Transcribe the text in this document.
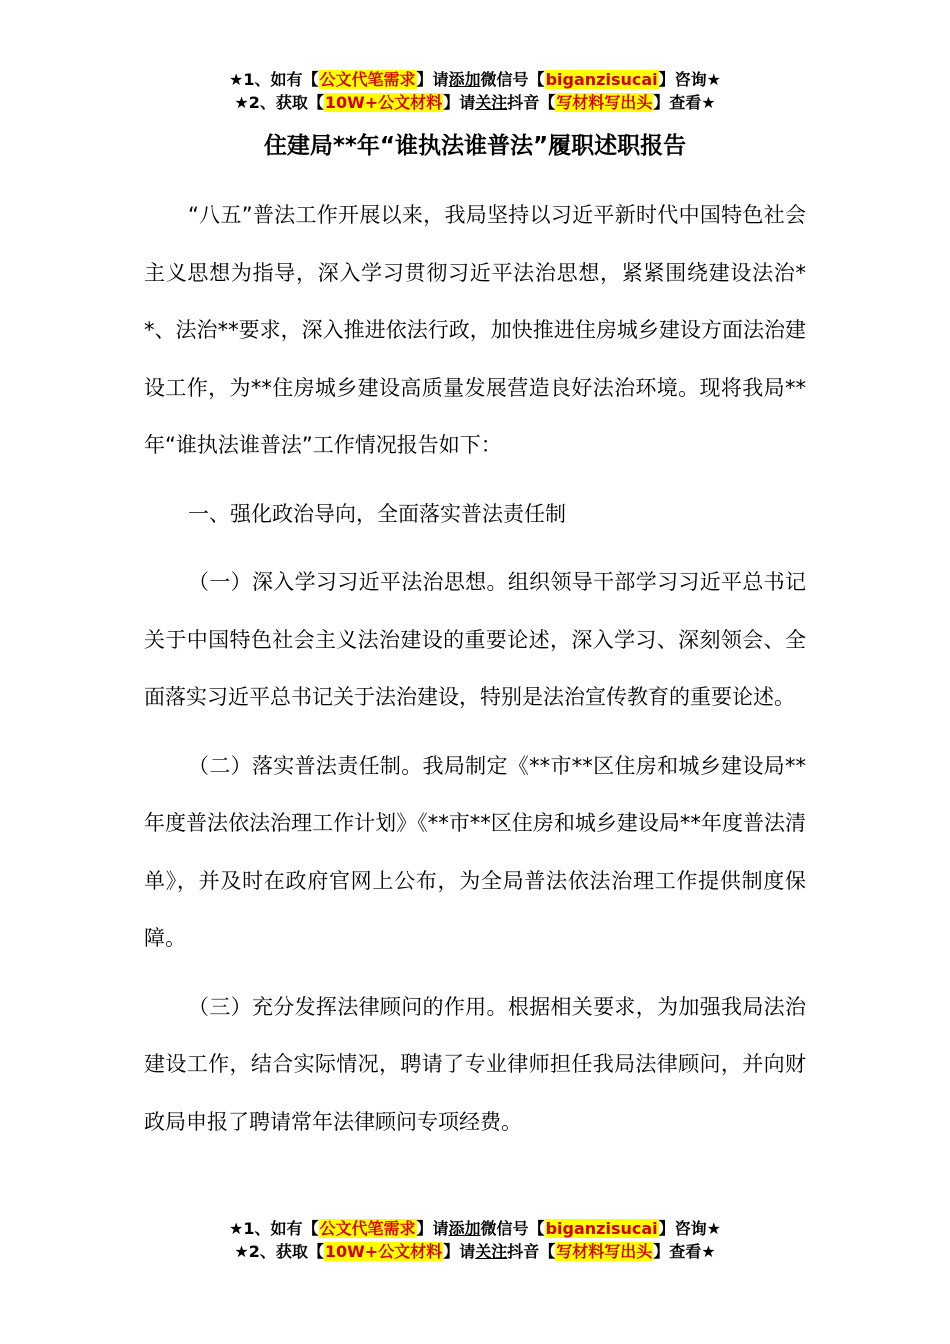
★1、如有【公文代笔需求】请添加微信号【biganzisucai】咨询★
★2、获取【10W+公文材料】请关注抖音【写材料写出头】查看★
住建局**年“谁执法谁普法”履职述职报告

“八五”普法工作开展以来，我局坚持以习近平新时代中国特色社会主义思想为指导，深入学习贯彻习近平法治思想，紧紧围绕建设法治**、法治**要求，深入推进依法行政，加快推进住房城乡建设方面法治建设工作，为**住房城乡建设高质量发展营造良好法治环境。现将我局**年“谁执法谁普法”工作情况报告如下：

一、强化政治导向，全面落实普法责任制

（一）深入学习习近平法治思想。组织领导干部学习习近平总书记关于中国特色社会主义法治建设的重要论述，深入学习、深刻领会、全面落实习近平总书记关于法治建设，特别是法治宣传教育的重要论述。

（二）落实普法责任制。我局制定《**市**区住房和城乡建设局**年度普法依法治理工作计划》《**市**区住房和城乡建设局**年度普法清单》，并及时在政府官网上公布，为全局普法依法治理工作提供制度保障。

（三）充分发挥法律顾问的作用。根据相关要求，为加强我局法治建设工作，结合实际情况，聘请了专业律师担任我局法律顾问，并向财政局申报了聘请常年法律顾问专项经费。

★1、如有【公文代笔需求】请添加微信号【biganzisucai】咨询★
★2、获取【10W+公文材料】请关注抖音【写材料写出头】查看★
